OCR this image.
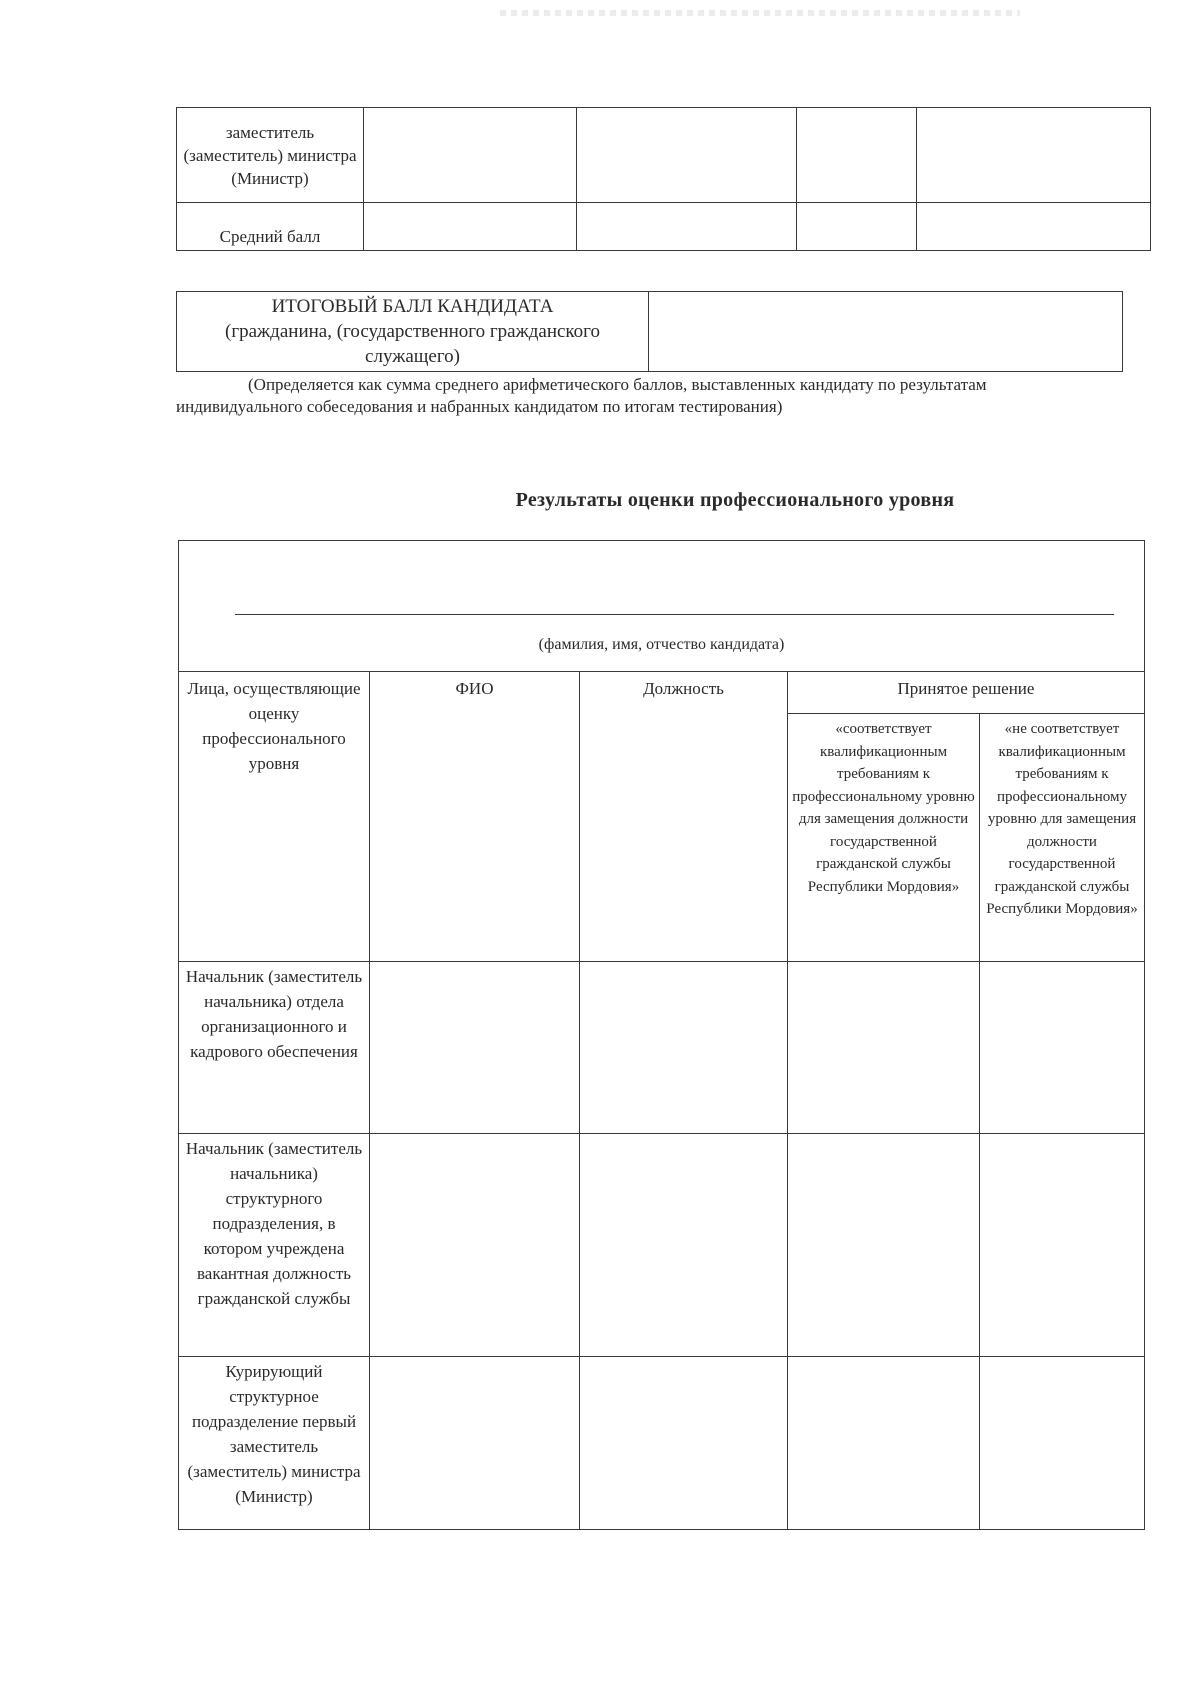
заместитель (заместитель) министра (Министр)				
Средний балл				
ИТОГОВЫЙ БАЛЛ КАНДИДАТА
(гражданина, (государственного гражданского служащего)

(Определяется как сумма среднего арифметического баллов, выставленных кандидату по результатам индивидуального собеседования и набранных кандидатом по итогам тестирования)
Результаты оценки профессионального уровня
(фамилия, имя, отчество кандидата)				

Лица, осуществляющие оценку профессионального уровня	ФИО	Должность	Принятое решение	
			«соответствует квалификационным требованиям к профессиональному уровню для замещения должности государственной гражданской службы Республики Мордовия»	«не соответствует квалификационным требованиям к профессиональному уровню для замещения должности государственной гражданской службы Республики Мордовия»
Начальник (заместитель начальника) отдела организационного и кадрового обеспечения				
Начальник (заместитель начальника) структурного подразделения, в котором учреждена вакантная должность гражданской службы				
Курирующий структурное подразделение первый заместитель (заместитель) министра (Министр)				
